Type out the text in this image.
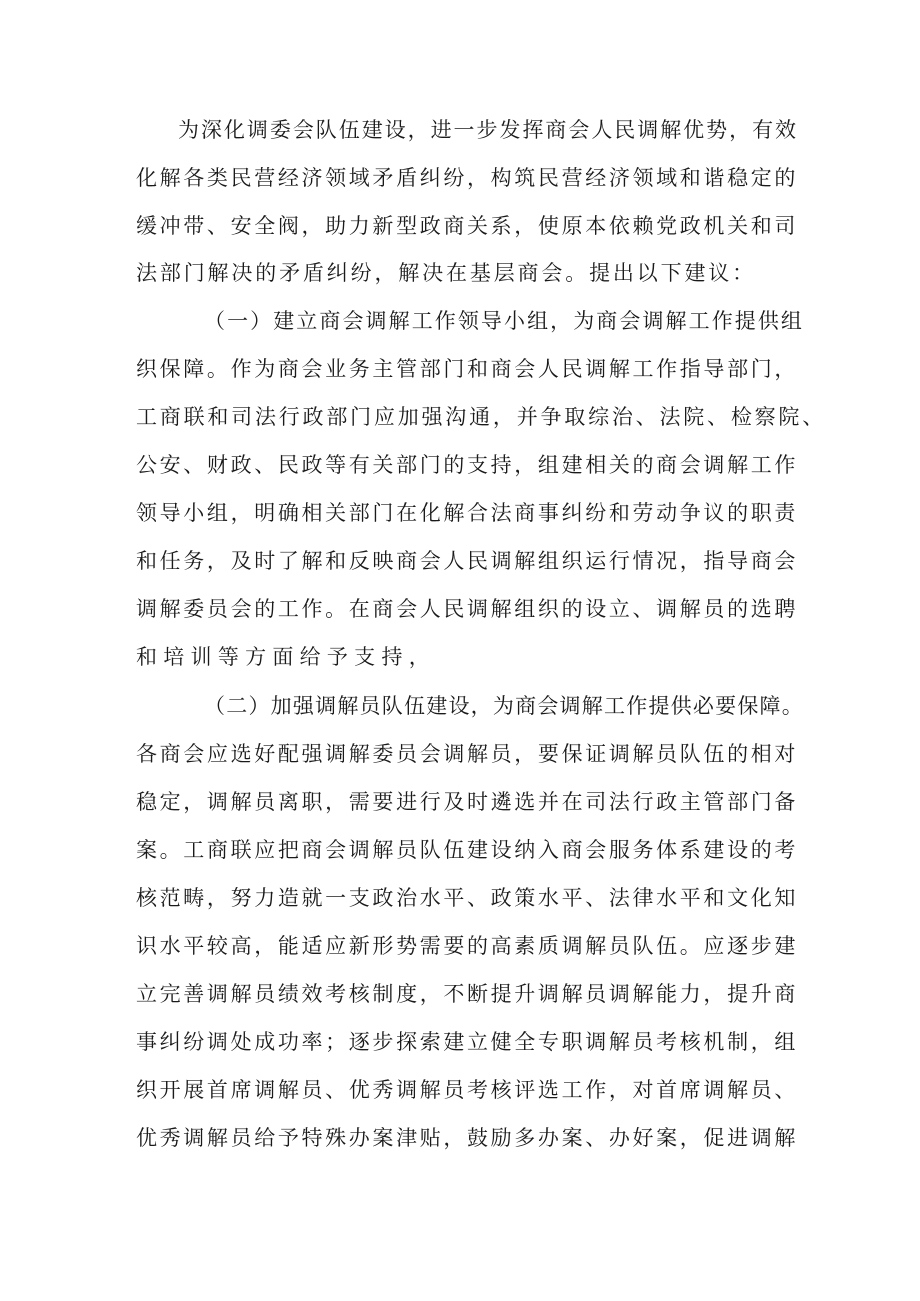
为深化调委会队伍建设，进一步发挥商会人民调解优势，有效
化解各类民营经济领域矛盾纠纷，构筑民营经济领域和谐稳定的
缓冲带、安全阀，助力新型政商关系，使原本依赖党政机关和司
法部门解决的矛盾纠纷，解决在基层商会。提出以下建议：
（一）建立商会调解工作领导小组，为商会调解工作提供组
织保障。作为商会业务主管部门和商会人民调解工作指导部门，
工商联和司法行政部门应加强沟通，并争取综治、法院、检察院、
公安、财政、民政等有关部门的支持，组建相关的商会调解工作
领导小组，明确相关部门在化解合法商事纠纷和劳动争议的职责
和任务，及时了解和反映商会人民调解组织运行情况，指导商会
调解委员会的工作。在商会人民调解组织的设立、调解员的选聘
和培训等方面给予支持，
（二）加强调解员队伍建设，为商会调解工作提供必要保障。
各商会应选好配强调解委员会调解员，要保证调解员队伍的相对
稳定，调解员离职，需要进行及时遴选并在司法行政主管部门备
案。工商联应把商会调解员队伍建设纳入商会服务体系建设的考
核范畴，努力造就一支政治水平、政策水平、法律水平和文化知
识水平较高，能适应新形势需要的高素质调解员队伍。应逐步建
立完善调解员绩效考核制度，不断提升调解员调解能力，提升商
事纠纷调处成功率；逐步探索建立健全专职调解员考核机制，组
织开展首席调解员、优秀调解员考核评选工作，对首席调解员、
优秀调解员给予特殊办案津贴，鼓励多办案、办好案，促进调解
